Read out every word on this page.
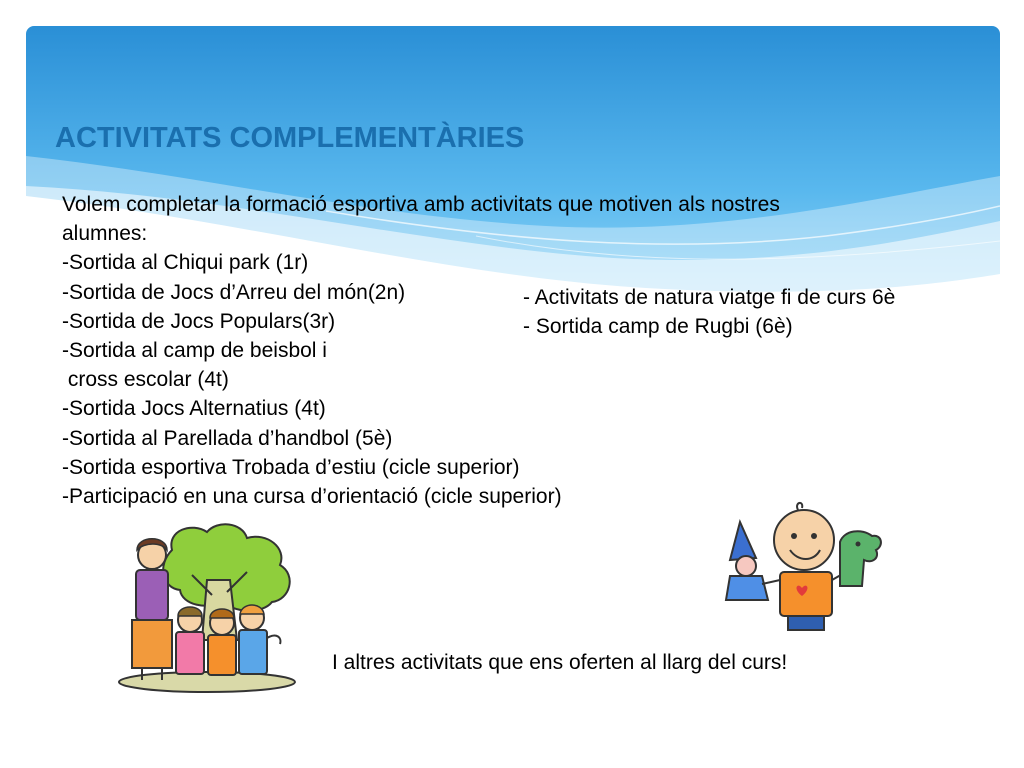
ACTIVITATS COMPLEMENTÀRIES
Volem completar la formació esportiva amb activitats que motiven als nostres
alumnes:
-Sortida al Chiqui park (1r)
-Sortida de Jocs d’Arreu del món(2n)
-Sortida de Jocs Populars(3r)
-Sortida al camp de beisbol i
cross escolar (4t)
-Sortida Jocs Alternatius (4t)
-Sortida al Parellada d’handbol (5è)
-Sortida esportiva Trobada d’estiu (cicle superior)
-Participació en una cursa d’orientació (cicle superior)
- Activitats de natura viatge fi de curs 6è
- Sortida camp de Rugbi (6è)
I altres activitats que ens oferten al llarg del curs!
